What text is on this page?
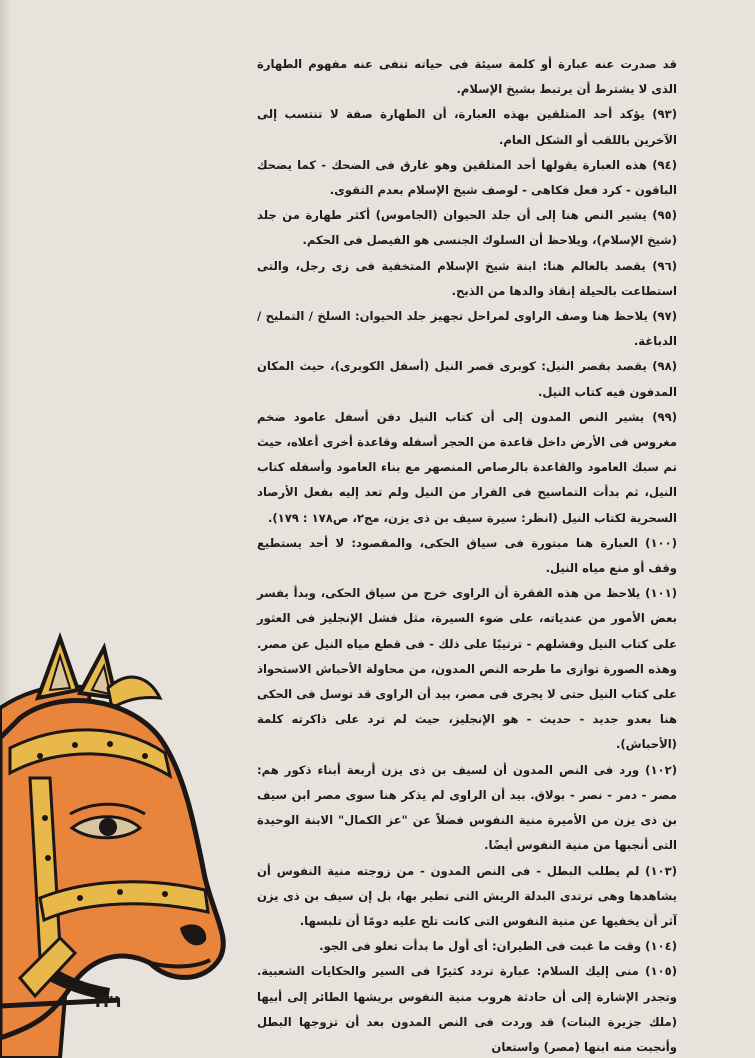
قد صدرت عنه عبارة أو كلمة سيئة فى حياته تنفى عنه مفهوم الطهارة الذى لا يشترط أن يرتبط بشيخ الإسلام.

(٩٣) يؤكد أحد المتلقين بهذه العبارة، أن الطهارة صفة لا تنتسب إلى الآخرين باللقب أو الشكل العام.

(٩٤) هذه العبارة يقولها أحد المتلقين وهو غارق فى الضحك - كما يضحك الباقون - كرد فعل فكاهى - لوصف شيخ الإسلام بعدم التقوى.

(٩٥) يشير النص هنا إلى أن جلد الحيوان (الجاموس) أكثر طهارة من جلد (شيخ الإسلام)، ويلاحظ أن السلوك الجنسى هو الفيصل فى الحكم.

(٩٦) يقصد بالعالم هنا: ابنة شيخ الإسلام المتخفية فى زى رجل، والتى استطاعت بالحيلة إنقاذ والدها من الذبح.

(٩٧) يلاحظ هنا وصف الراوى لمراحل تجهيز جلد الحيوان: السلخ / التمليح / الدباغة.

(٩٨) يقصد بقصر النيل: كوبرى قصر النيل (أسفل الكوبرى)، حيث المكان المدفون فيه كتاب النيل.

(٩٩) يشير النص المدون إلى أن كتاب النيل دفن أسفل عامود ضخم مغروس فى الأرض داخل قاعدة من الحجر أسفله وقاعدة أخرى أعلاه، حيث تم سبك العامود والقاعدة بالرصاص المنصهر مع بناء العامود وأسفله كتاب النيل، ثم بدأت التماسيح فى الفرار من النيل ولم تعد إليه بفعل الأرصاد السحرية لكتاب النيل (انظر: سيرة سيف بن ذى يزن، مج٢، ص١٧٨ : ١٧٩).

(١٠٠) العبارة هنا مبتورة فى سياق الحكى، والمقصود: لا أحد يستطيع وقف أو منع مياه النيل.

(١٠١) يلاحظ من هذه الفقرة أن الراوى خرج من سياق الحكى، وبدأ يفسر بعض الأمور من عندياته، على ضوء السيرة، مثل فشل الإنجليز فى العثور على كتاب النيل وفشلهم - ترتيبًا على ذلك - فى قطع مياه النيل عن مصر. وهذه الصورة توازى ما طرحه النص المدون، من محاولة الأحباش الاستحواذ على كتاب النيل حتى لا يجرى فى مصر، بيد أن الراوى قد توسل فى الحكى هنا بعدو جديد - حديث - هو الإنجليز، حيث لم ترد على ذاكرته كلمة (الأحباش).

(١٠٢) ورد فى النص المدون أن لسيف بن ذى يزن أربعة أبناء ذكور هم: مصر - دمر - نصر - بولاق. بيد أن الراوى لم يذكر هنا سوى مصر ابن سيف بن ذى يزن من الأميرة منية النفوس فضلاً عن "عز الكمال" الابنة الوحيدة التى أنجبها من منية النفوس أيضًا.

(١٠٣) لم يطلب البطل - فى النص المدون - من زوجته منية النفوس أن يشاهدها وهى ترتدى البدلة الريش التى تطير بها، بل إن سيف بن ذى يزن آثر أن يخفيها عن منية النفوس التى كانت تلح عليه دومًا أن تلبسها.

(١٠٤) وقت ما غبت فى الطيران: أى أول ما بدأت تعلو فى الجو.

(١٠٥) منى إليك السلام: عبارة تردد كثيرًا فى السير والحكايات الشعبية. وتجدر الإشارة إلى أن حادثة هروب منية النفوس بريشها الطائر إلى أبيها (ملك جزيرة البنات) قد وردت فى النص المدون بعد أن تزوجها البطل وأنجبت منه ابنها (مصر) واستعان

١٣١
